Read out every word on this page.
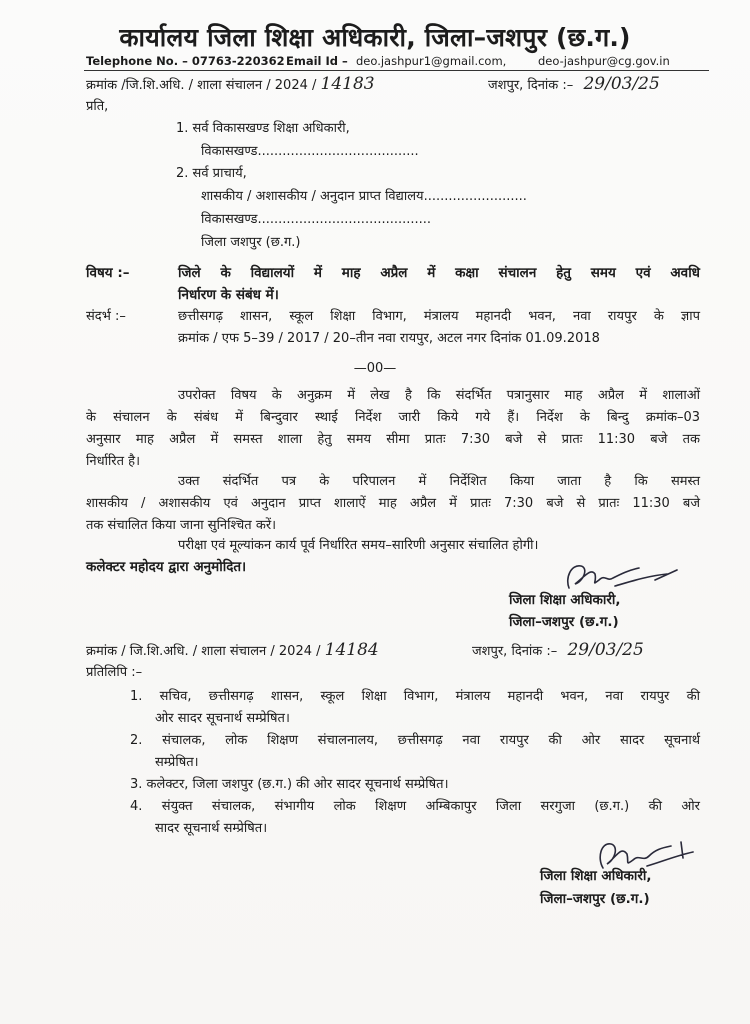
कार्यालय जिला शिक्षा अधिकारी, जिला–जशपुर (छ.ग.)
Telephone No. – 07763-220362 Email Id – deo.jashpur1@gmail.com,	deo-jashpur@cg.gov.in
क्रमांक /जि.शि.अधि. / शाला संचालन / 2024 / 14183	जशपुर, दिनांक :– 29/03/25
प्रति,
1. सर्व विकासखण्ड शिक्षा अधिकारी,
विकासखण्ड.......................................
2. सर्व प्राचार्य,
शासकीय / अशासकीय / अनुदान प्राप्त विद्यालय.........................
विकासखण्ड..........................................
जिला जशपुर (छ.ग.)
विषय :–	जिले के विद्यालयों में माह अप्रैल में कक्षा संचालन हेतु समय एवं अवधि
निर्धारण के संबंध में।
संदर्भ :–	छत्तीसगढ़ शासन, स्कूल शिक्षा विभाग, मंत्रालय महानदी भवन, नवा रायपुर के ज्ञाप
क्रमांक / एफ 5–39 / 2017 / 20–तीन नवा रायपुर, अटल नगर दिनांक 01.09.2018
—00—
उपरोक्त विषय के अनुक्रम में लेख है कि संदर्भित पत्रानुसार माह अप्रैल में शालाओं
के संचालन के संबंध में बिन्दुवार स्थाई निर्देश जारी किये गये हैं। निर्देश के बिन्दु क्रमांक–03
अनुसार माह अप्रैल में समस्त शाला हेतु समय सीमा प्रातः 7:30 बजे से प्रातः 11:30 बजे तक
निर्धारित है।
उक्त संदर्भित पत्र के परिपालन में निर्देशित किया जाता है कि समस्त
शासकीय / अशासकीय एवं अनुदान प्राप्त शालाऐं माह अप्रैल में प्रातः 7:30 बजे से प्रातः 11:30 बजे
तक संचालित किया जाना सुनिश्चित करें।
परीक्षा एवं मूल्यांकन कार्य पूर्व निर्धारित समय–सारिणी अनुसार संचालित होगी।
कलेक्टर महोदय द्वारा अनुमोदित।
जिला शिक्षा अधिकारी,
जिला–जशपुर (छ.ग.)
क्रमांक / जि.शि.अधि. / शाला संचालन / 2024 / 14184	जशपुर, दिनांक :– 29/03/25
प्रतिलिपि :–
1. सचिव, छत्तीसगढ़ शासन, स्कूल शिक्षा विभाग, मंत्रालय महानदी भवन, नवा रायपुर की
ओर सादर सूचनार्थ सम्प्रेषित।
2. संचालक, लोक शिक्षण संचालनालय, छत्तीसगढ़ नवा रायपुर की ओर सादर सूचनार्थ
सम्प्रेषित।
3. कलेक्टर, जिला जशपुर (छ.ग.) की ओर सादर सूचनार्थ सम्प्रेषित।
4. संयुक्त संचालक, संभागीय लोक शिक्षण अम्बिकापुर जिला सरगुजा (छ.ग.) की ओर
सादर सूचनार्थ सम्प्रेषित।
जिला शिक्षा अधिकारी,
जिला–जशपुर (छ.ग.)
